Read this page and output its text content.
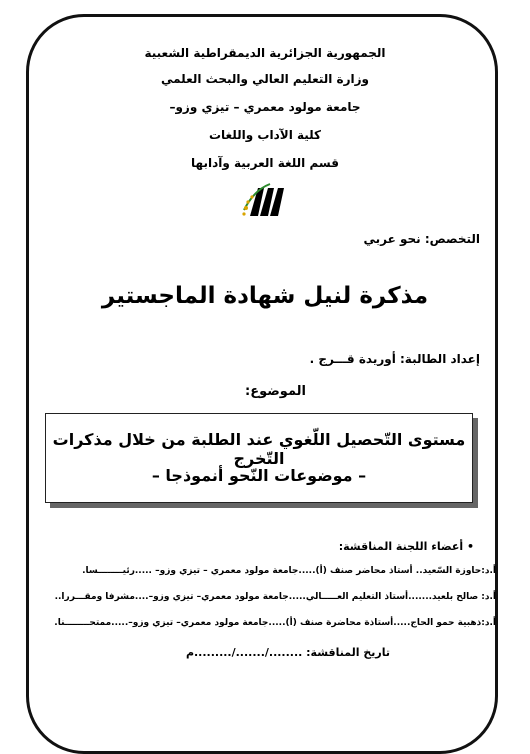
الجمهورية الجزائرية الديمقراطية الشعبية
وزارة التعليم العالي والبحث العلمي
جامعة مولود معمري – تيزي وزو–
كلية الآداب واللغات
قسم اللغة العربية وآدابها
التخصص: نحو عربي
مذكرة لنيل شهادة الماجستير
إعداد الطالبة: أوريدة قـــرج .
الموضوع:
مستوى التّحصيل اللّغوي عند الطلبة من خلال مذكرات التّخرج
– موضوعات النّحو أنموذجا –
• أعضاء اللجنة المناقشة:
أ.د:حاوزة السّعيد.. أستاذ محاضر صنف (أ).....جامعة مولود معمري – تيزي وزو– .....رئيــــــــسا.
أ.د: صالح بلعيد.......أستاذ التعليم العـــــالي.....جامعة مولود معمري– تيزي وزو–....مشرفا ومقـــررا..
أ.د:ذهبية حمو الحاج.....أستاذة محاضرة صنف (أ).....جامعة مولود معمري– تيزي وزو–.....ممتحــــــــنا.
تاريخ المناقشة: ......../......./.........م
